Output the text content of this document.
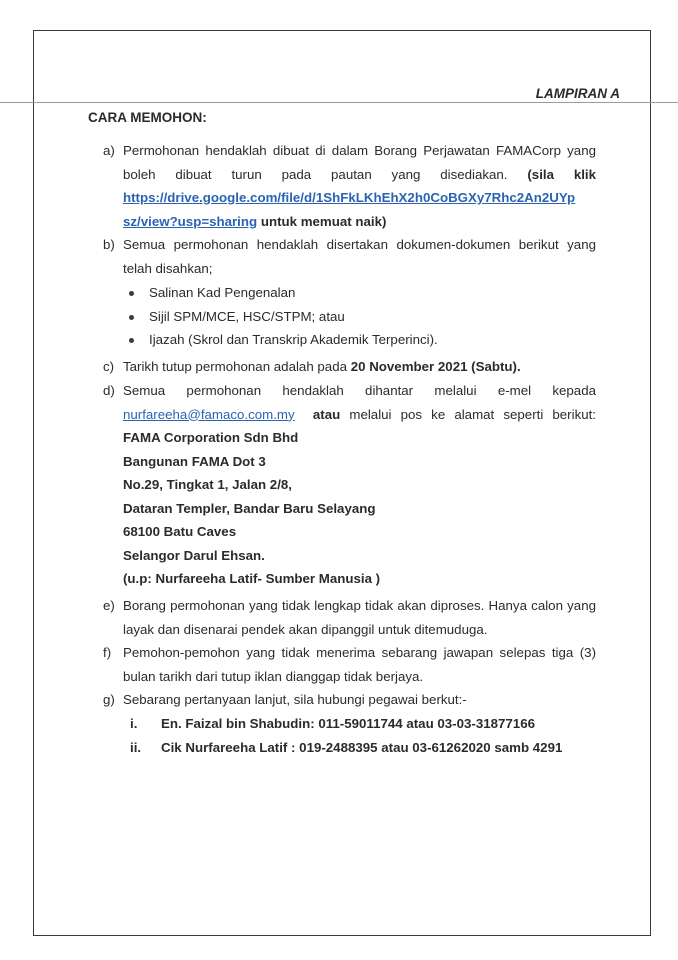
LAMPIRAN A
CARA MEMOHON:
a) Permohonan hendaklah dibuat di dalam Borang Perjawatan FAMACorp yang
boleh dibuat turun pada pautan yang disediakan. (sila klik
https://drive.google.com/file/d/1ShFkLKhEhX2h0CoBGXy7Rhc2An2UYp
sz/view?usp=sharing untuk memuat naik)
b) Semua permohonan hendaklah disertakan dokumen-dokumen berikut yang
telah disahkan;
Salinan Kad Pengenalan
Sijil SPM/MCE, HSC/STPM; atau
Ijazah (Skrol dan Transkrip Akademik Terperinci).
c) Tarikh tutup permohonan adalah pada 20 November 2021 (Sabtu).
d) Semua permohonan hendaklah dihantar melalui e-mel kepada
nurfareeha@famaco.com.my atau melalui pos ke alamat seperti berikut:
FAMA Corporation Sdn Bhd
Bangunan FAMA Dot 3
No.29, Tingkat 1, Jalan 2/8,
Dataran Templer, Bandar Baru Selayang
68100 Batu Caves
Selangor Darul Ehsan.
(u.p: Nurfareeha Latif- Sumber Manusia )
e) Borang permohonan yang tidak lengkap tidak akan diproses. Hanya calon yang
layak dan disenarai pendek akan dipanggil untuk ditemuduga.
f) Pemohon-pemohon yang tidak menerima sebarang jawapan selepas tiga (3)
bulan tarikh dari tutup iklan dianggap tidak berjaya.
g) Sebarang pertanyaan lanjut, sila hubungi pegawai berkut:-
i. En. Faizal bin Shabudin: 011-59011744 atau 03-03-31877166
ii. Cik Nurfareeha Latif : 019-2488395 atau 03-61262020 samb 4291
